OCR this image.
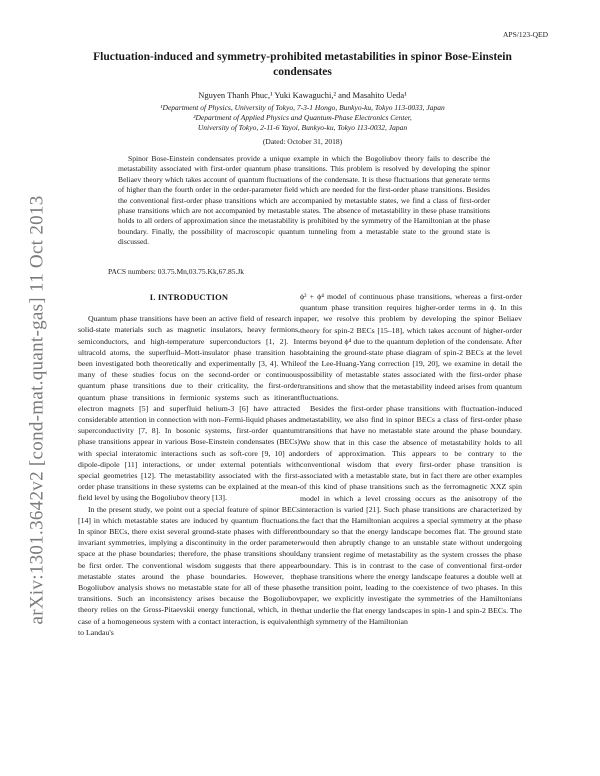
arXiv:1301.3642v2 [cond-mat.quant-gas] 11 Oct 2013
APS/123-QED
Fluctuation-induced and symmetry-prohibited metastabilities in spinor Bose-Einstein condensates
Nguyen Thanh Phuc,¹ Yuki Kawaguchi,² and Masahito Ueda¹
¹Department of Physics, University of Tokyo, 7-3-1 Hongo, Bunkyo-ku, Tokyo 113-0033, Japan
²Department of Applied Physics and Quantum-Phase Electronics Center,
University of Tokyo, 2-11-6 Yayoi, Bunkyo-ku, Tokyo 113-0032, Japan
(Dated: October 31, 2018)
Spinor Bose-Einstein condensates provide a unique example in which the Bogoliubov theory fails to describe the metastability associated with first-order quantum phase transitions. This problem is resolved by developing the spinor Beliaev theory which takes account of quantum fluctuations of the condensate. It is these fluctuations that generate terms of higher than the fourth order in the order-parameter field which are needed for the first-order phase transitions. Besides the conventional first-order phase transitions which are accompanied by metastable states, we find a class of first-order phase transitions which are not accompanied by metastable states. The absence of metastability in these phase transitions holds to all orders of approximation since the metastability is prohibited by the symmetry of the Hamiltonian at the phase boundary. Finally, the possibility of macroscopic quantum tunneling from a metastable state to the ground state is discussed.
PACS numbers: 03.75.Mn,03.75.Kk,67.85.Jk
I. INTRODUCTION

Quantum phase transitions have been an active field of research in solid-state materials such as magnetic insulators, heavy fermions, semiconductors, and high-temperature superconductors [1, 2]. In ultracold atoms, the superfluid–Mott-insulator phase transition has been investigated both theoretically and experimentally [3, 4]. While many of these studies focus on the second-order or continuous quantum phase transitions due to their criticality, the first-order quantum phase transitions in fermionic systems such as itinerant electron magnets [5] and superfluid helium-3 [6] have attracted considerable attention in connection with non–Fermi-liquid phases and superconductivity [7, 8]. In bosonic systems, first-order quantum phase transitions appear in various Bose-Einstein condensates (BECs) with special interatomic interactions such as soft-core [9, 10] and dipole-dipole [11] interactions, or under external potentials with special geometries [12]. The metastability associated with the first-order phase transitions in these systems can be explained at the mean-field level by using the Bogoliubov theory [13].

In the present study, we point out a special feature of spinor BECs [14] in which metastable states are induced by quantum fluctuations. In spinor BECs, there exist several ground-state phases with different invariant symmetries, implying a discontinuity in the order parameter space at the phase boundaries; therefore, the phase transitions should be first order. The conventional wisdom suggests that there appear metastable states around the phase boundaries. However, the Bogoliubov analysis shows no metastable state for all of these phase transitions. Such an inconsistency arises because the Bogoliubov theory relies on the Gross-Pitaevskii energy functional, which, in the case of a homogeneous system with a contact interaction, is equivalent to Landau's

ϕ² + ϕ⁴ model of continuous phase transitions, whereas a first-order quantum phase transition requires higher-order terms in ϕ. In this paper, we resolve this problem by developing the spinor Beliaev theory for spin-2 BECs [15–18], which takes account of higher-order terms beyond ϕ⁴ due to the quantum depletion of the condensate. After obtaining the ground-state phase diagram of spin-2 BECs at the level of the Lee-Huang-Yang correction [19, 20], we examine in detail the possibility of metastable states associated with the first-order phase transitions and show that the metastability indeed arises from quantum fluctuations.

Besides the first-order phase transitions with fluctuation-induced metastability, we also find in spinor BECs a class of first-order phase transitions that have no metastable state around the phase boundary. We show that in this case the absence of metastability holds to all orders of approximation. This appears to be contrary to the conventional wisdom that every first-order phase transition is associated with a metastable state, but in fact there are other examples of this kind of phase transitions such as the ferromagnetic XXZ spin model in which a level crossing occurs as the anisotropy of the interaction is varied [21]. Such phase transitions are characterized by the fact that the Hamiltonian acquires a special symmetry at the phase boundary so that the energy landscape becomes flat. The ground state would then abruptly change to an unstable state without undergoing any transient regime of metastability as the system crosses the phase boundary. This is in contrast to the case of conventional first-order phase transitions where the energy landscape features a double well at the transition point, leading to the coexistence of two phases. In this paper, we explicitly investigate the symmetries of the Hamiltonians that underlie the flat energy landscapes in spin-1 and spin-2 BECs. The high symmetry of the Hamiltonian
